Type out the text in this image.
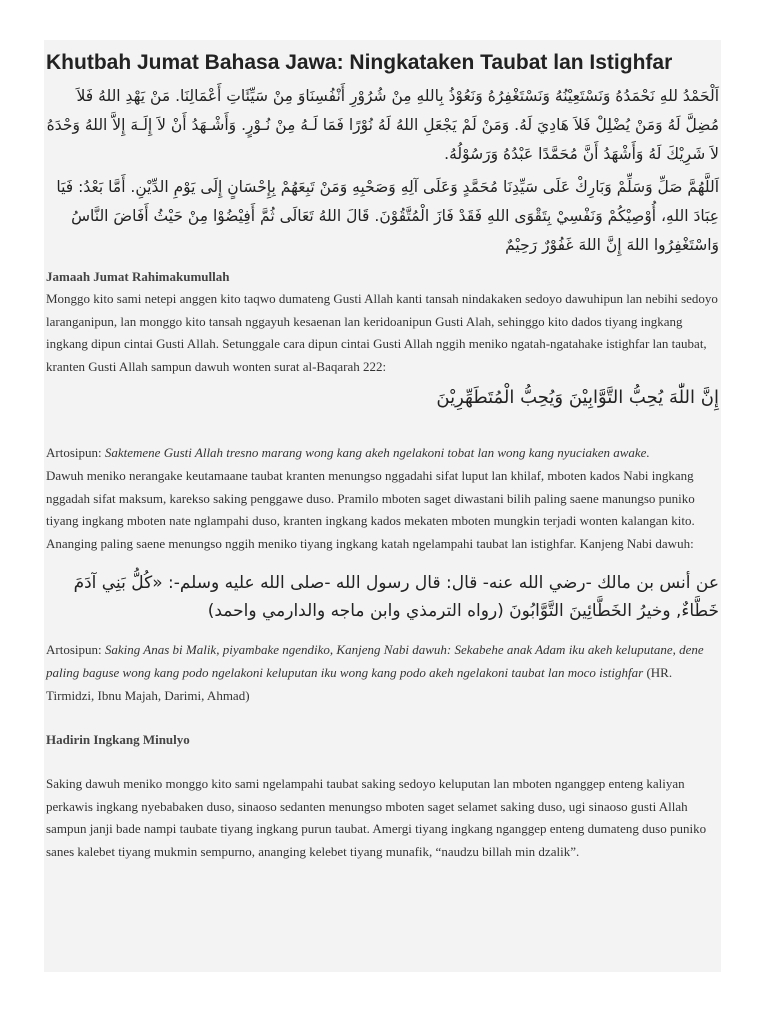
Khutbah Jumat Bahasa Jawa: Ningkataken Taubat lan Istighfar

اَلْحَمْدُ للهِ نَحْمَدُهُ وَنَسْتَعِيْنُهُ وَنَسْتَغْفِرُهُ وَنَعُوْذُ بِاللهِ مِنْ شُرُوْرِ أَنْفُسِنَاوَ مِنْ سَيِّئَاتِ أَعْمَالِنَا. مَنْ يَهْدِ اللهُ فَلاَ مُضِلَّ لَهُ وَمَنْ يُضْلِلْ فَلاَ هَادِيَ لَهُ. وَمَنْ لَمْ يَجْعَلِ اللهُ لَهُ نُوْرًا فَمَا لَـهُ مِنْ نُـوْرٍ. وَأَشْـهَدُ أَنْ لاَ إِلَـهَ إِلاَّ اللهُ وَحْدَهُ لاَ شَرِيْكَ لَهُ وَأَشْهَدُ أَنَّ مُحَمَّدًا عَبْدُهُ وَرَسُوْلُهُ.

اَللَّهُمَّ صَلِّ وَسَلِّمْ وَبَارِكْ عَلَى سَيِّدِنَا مُحَمَّدٍ وَعَلَى آلِهِ وَصَحْبِهِ وَمَنْ تَبِعَهُمْ بِإِحْسَانٍ إِلَى يَوْمِ الدِّيْنِ. أَمَّا بَعْدُ: فَيَا عِبَادَ اللهِ، أُوْصِيْكُمْ وَنَفْسِيْ بِتَقْوَى اللهِ فَقَدْ فَازَ الْمُتَّقُوْنَ. قَالَ اللهُ تَعَالَى ثُمَّ أَفِيْضُوْا مِنْ حَيْثُ أَفَاضَ النَّاسُ وَاسْتَغْفِرُوا اللهَ إِنَّ اللهَ غَفُوْرٌ رَحِيْمٌ

Jamaah Jumat Rahimakumullah

Monggo kito sami netepi anggen kito taqwo dumateng Gusti Allah kanti tansah nindakaken sedoyo dawuhipun lan nebihi sedoyo laranganipun, lan monggo kito tansah nggayuh kesaenan lan keridoanipun Gusti Alah, sehinggo kito dados tiyang ingkang ingkang dipun cintai Gusti Allah. Setunggale cara dipun cintai Gusti Allah nggih meniko ngatah-ngatahake istighfar lan taubat, kranten Gusti Allah sampun dawuh wonten surat al-Baqarah 222:

إِنَّ اللّٰهَ يُحِبُّ التَّوَّابِيْنَ وَيُحِبُّ الْمُتَطَهِّرِيْنَ

Artosipun: Saktemene Gusti Allah tresno marang wong kang akeh ngelakoni tobat lan wong kang nyuciaken awake.

Dawuh meniko nerangake keutamaane taubat kranten menungso nggadahi sifat luput lan khilaf, mboten kados Nabi ingkang nggadah sifat maksum, karekso saking penggawe duso. Pramilo mboten saget diwastani bilih paling saene manungso puniko tiyang ingkang mboten nate nglampahi duso, kranten ingkang kados mekaten mboten mungkin terjadi wonten kalangan kito. Ananging paling saene menungso nggih meniko tiyang ingkang katah ngelampahi taubat lan istighfar. Kanjeng Nabi dawuh:

عن أنس بن مالك -رضي الله عنه- قال: قال رسول الله -صلى الله عليه وسلم-: «كُلُّ بَنِي آدَمَ خَطَّاءٌ, وخيرُ الخَطَّائِينَ التَّوَّابُونَ (رواه الترمذي وابن ماجه والدارمي واحمد)

Artosipun: Saking Anas bi Malik, piyambake ngendiko, Kanjeng Nabi dawuh: Sekabehe anak Adam iku akeh keluputane, dene paling baguse wong kang podo ngelakoni keluputan iku wong kang podo akeh ngelakoni taubat lan moco istighfar (HR. Tirmidzi, Ibnu Majah, Darimi, Ahmad)

Hadirin Ingkang Minulyo

Saking dawuh meniko monggo kito sami ngelampahi taubat saking sedoyo keluputan lan mboten nganggep enteng kaliyan perkawis ingkang nyebabaken duso, sinaoso sedanten menungso mboten saget selamet saking duso, ugi sinaoso gusti Allah sampun janji bade nampi taubate tiyang ingkang purun taubat. Amergi tiyang ingkang nganggep enteng dumateng duso puniko sanes kalebet tiyang mukmin sempurno, ananging kelebet tiyang munafik, “naudzu billah min dzalik”.
